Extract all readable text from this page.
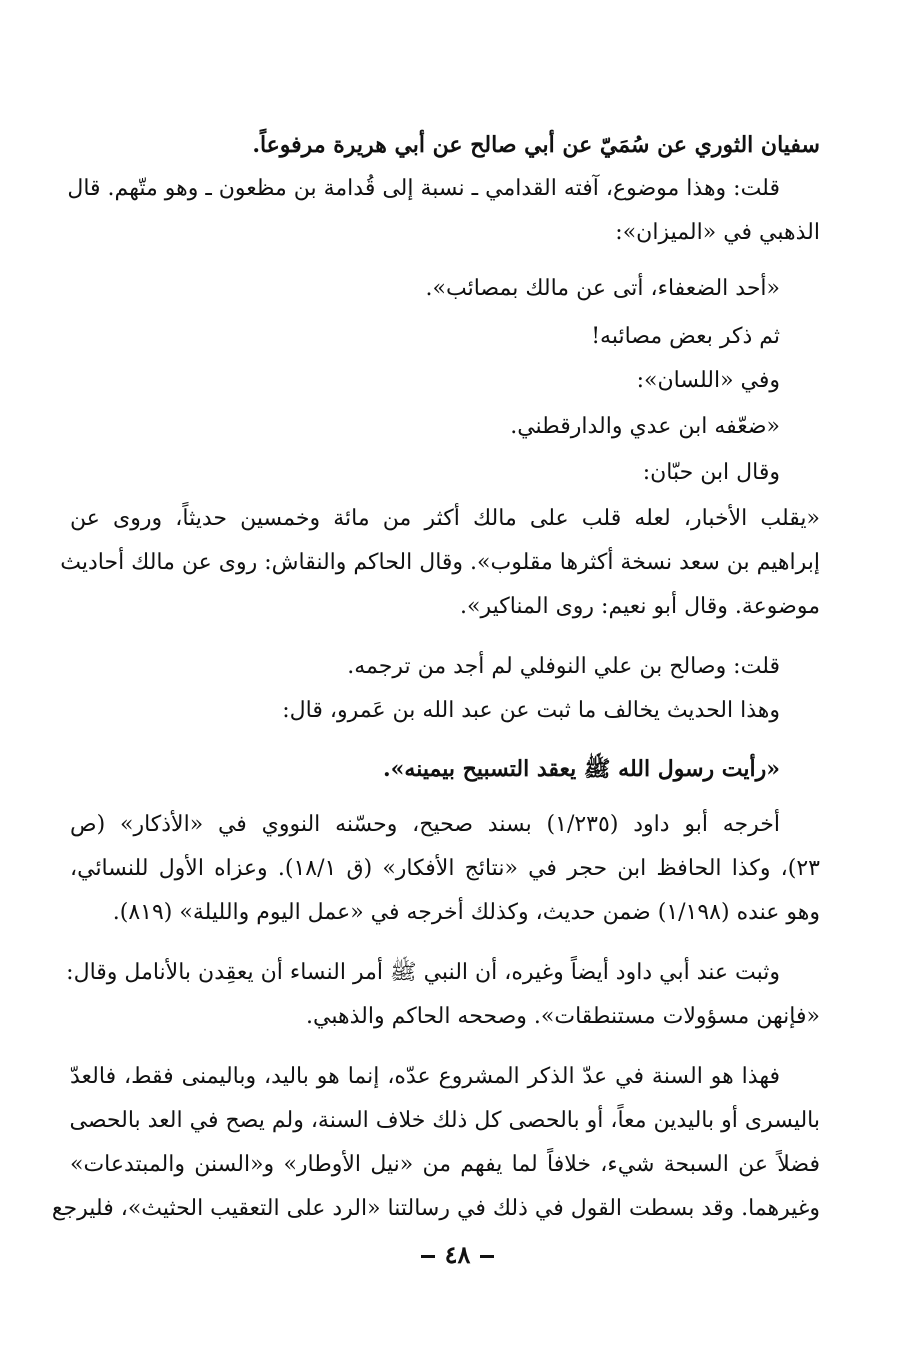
سفيان الثوري عن سُمَيّ عن أبي صالح عن أبي هريرة مرفوعاً.
قلت: وهذا موضوع، آفته القدامي ـ نسبة إلى قُدامة بن مظعون ـ وهو متّهم. قال
الذهبي في «الميزان»:
«أحد الضعفاء، أتى عن مالك بمصائب».
ثم ذكر بعض مصائبه!
وفي «اللسان»:
«ضعّفه ابن عدي والدارقطني.
وقال ابن حبّان:
«يقلب الأخبار، لعله قلب على مالك أكثر من مائة وخمسين حديثاً، وروى عن
إبراهيم بن سعد نسخة أكثرها مقلوب». وقال الحاكم والنقاش: روى عن مالك أحاديث
موضوعة. وقال أبو نعيم: روى المناكير».
قلت: وصالح بن علي النوفلي لم أجد من ترجمه.
وهذا الحديث يخالف ما ثبت عن عبد الله بن عَمرو، قال:
«رأيت رسول الله ﷺ يعقد التسبيح بيمينه».
أخرجه أبو داود (١/٢٣٥) بسند صحيح، وحسّنه النووي في «الأذكار» (ص
٢٣)، وكذا الحافظ ابن حجر في «نتائج الأفكار» (ق ١٨/١). وعزاه الأول للنسائي،
وهو عنده (١/١٩٨) ضمن حديث، وكذلك أخرجه في «عمل اليوم والليلة» (٨١٩).
وثبت عند أبي داود أيضاً وغيره، أن النبي ﷺ أمر النساء أن يعقِدن بالأنامل وقال:
«فإنهن مسؤولات مستنطقات». وصححه الحاكم والذهبي.
فهذا هو السنة في عدّ الذكر المشروع عدّه، إنما هو باليد، وباليمنى فقط، فالعدّ
باليسرى أو باليدين معاً، أو بالحصى كل ذلك خلاف السنة، ولم يصح في العد بالحصى
فضلاً عن السبحة شيء، خلافاً لما يفهم من «نيل الأوطار» و«السنن والمبتدعات»
وغيرهما. وقد بسطت القول في ذلك في رسالتنا «الرد على التعقيب الحثيث»، فليرجع
٤٨
